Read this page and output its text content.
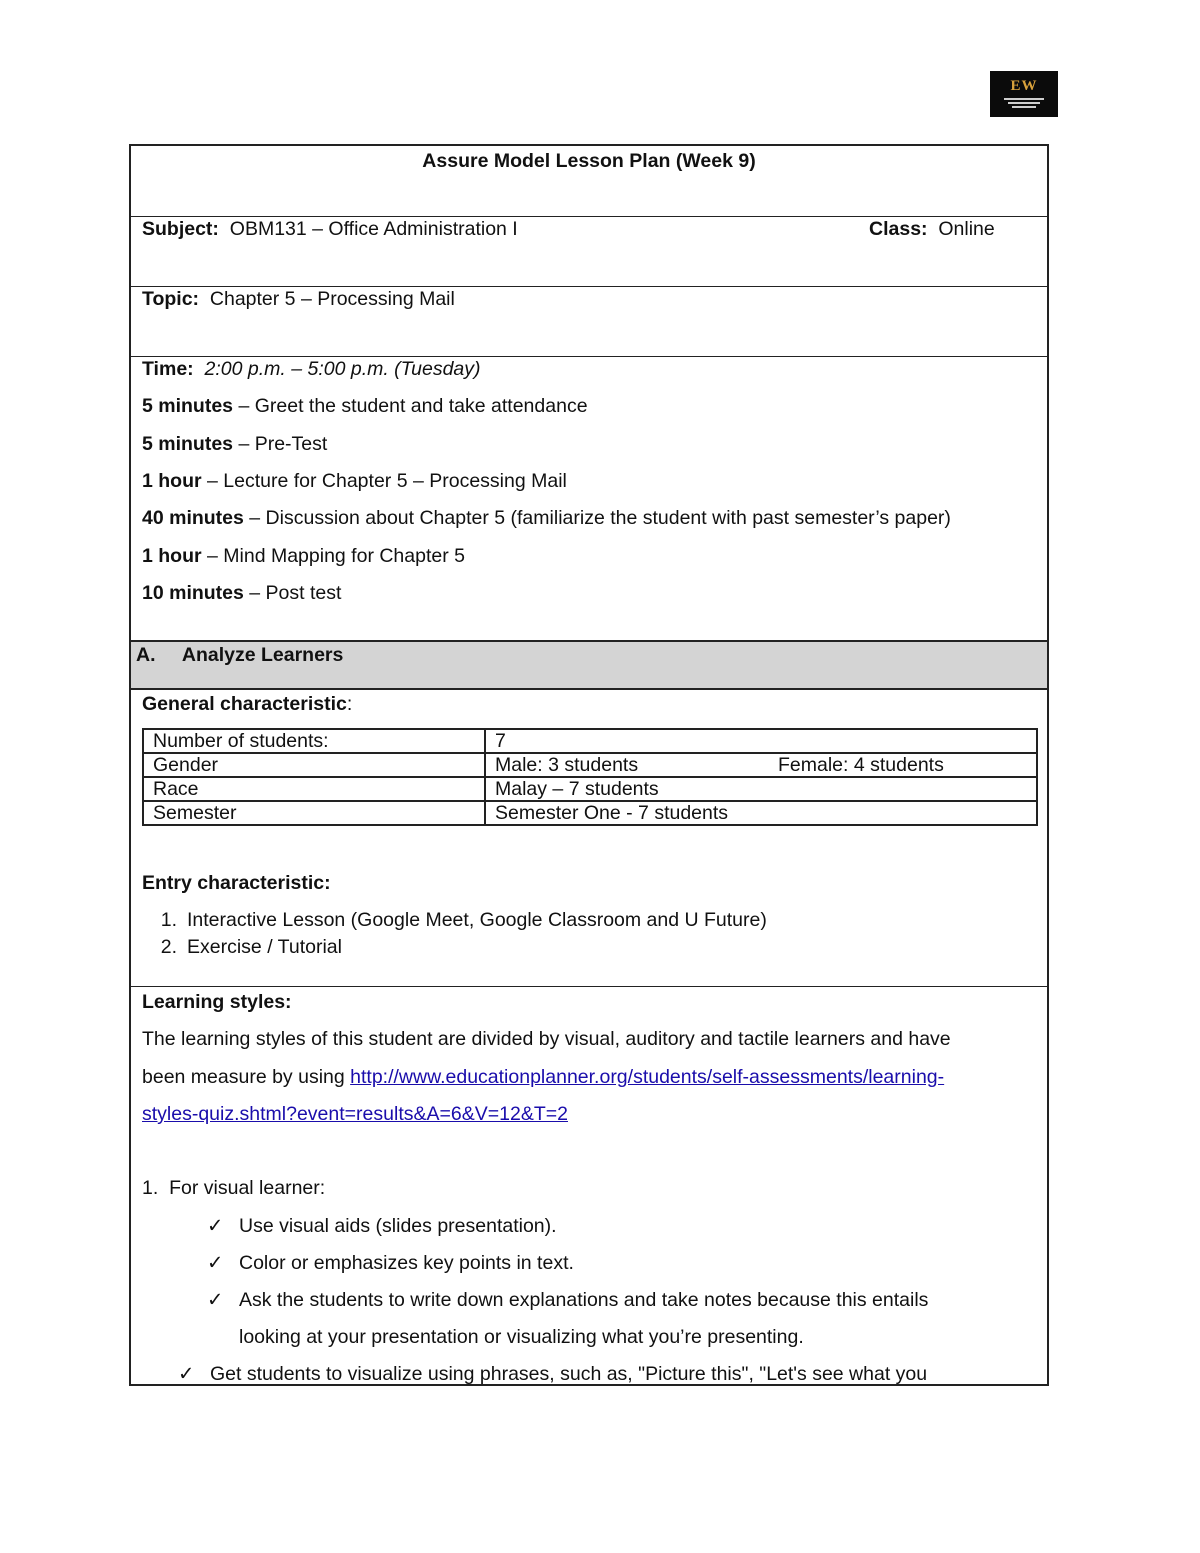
EW
Assure Model Lesson Plan (Week 9)
Subject: OBM131 – Office Administration I	Class: Online
Topic: Chapter 5 – Processing Mail
Time: 2:00 p.m. – 5:00 p.m. (Tuesday)
5 minutes – Greet the student and take attendance
5 minutes – Pre-Test
1 hour – Lecture for Chapter 5 – Processing Mail
40 minutes – Discussion about Chapter 5 (familiarize the student with past semester’s paper)
1 hour – Mind Mapping for Chapter 5
10 minutes – Post test
A. Analyze Learners
General characteristic:
Number of students:	7	
Gender	Male: 3 students	Female: 4 students
Race	Malay – 7 students	
Semester	Semester One - 7 students	
Entry characteristic:
1. Interactive Lesson (Google Meet, Google Classroom and U Future)
2. Exercise / Tutorial
Learning styles:
The learning styles of this student are divided by visual, auditory and tactile learners and have
been measure by using http://www.educationplanner.org/students/self-assessments/learning-
styles-quiz.shtml?event=results&A=6&V=12&T=2
1. For visual learner:
✓ Use visual aids (slides presentation).
✓ Color or emphasizes key points in text.
✓ Ask the students to write down explanations and take notes because this entails
looking at your presentation or visualizing what you’re presenting.
✓ Get students to visualize using phrases, such as, "Picture this", "Let's see what you
